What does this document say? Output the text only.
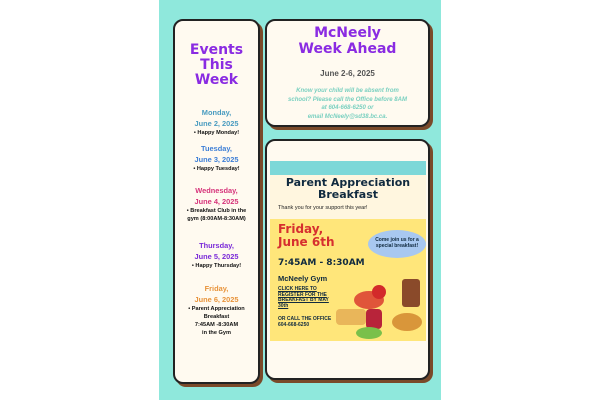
Events
This
Week
Monday,
June 2, 2025
• Happy Monday!
Tuesday,
June 3, 2025
• Happy Tuesday!
Wednesday,
June 4, 2025
• Breakfast Club in the
gym (8:00AM-8:30AM)
Thursday,
June 5, 2025
• Happy Thursday!
Friday,
June 6, 2025
• Parent Appreciation
Breakfast
7:45AM -8:30AM
in the Gym
McNeely
Week Ahead
June 2-6, 2025
Know your child will be absent from
school? Please call the Office before 8AM
at 604-668-6250 or
email McNeely@sd38.bc.ca.
Parent Appreciation
Breakfast
Thank you for your support this year!
Friday,
June 6th	Come join us for a special breakfast!
7:45AM - 8:30AM
McNeely Gym
CLICK HERE TO REGISTER FOR THE BREAKFAST BY MAY 30th
OR CALL THE OFFICE 604-668-6250
